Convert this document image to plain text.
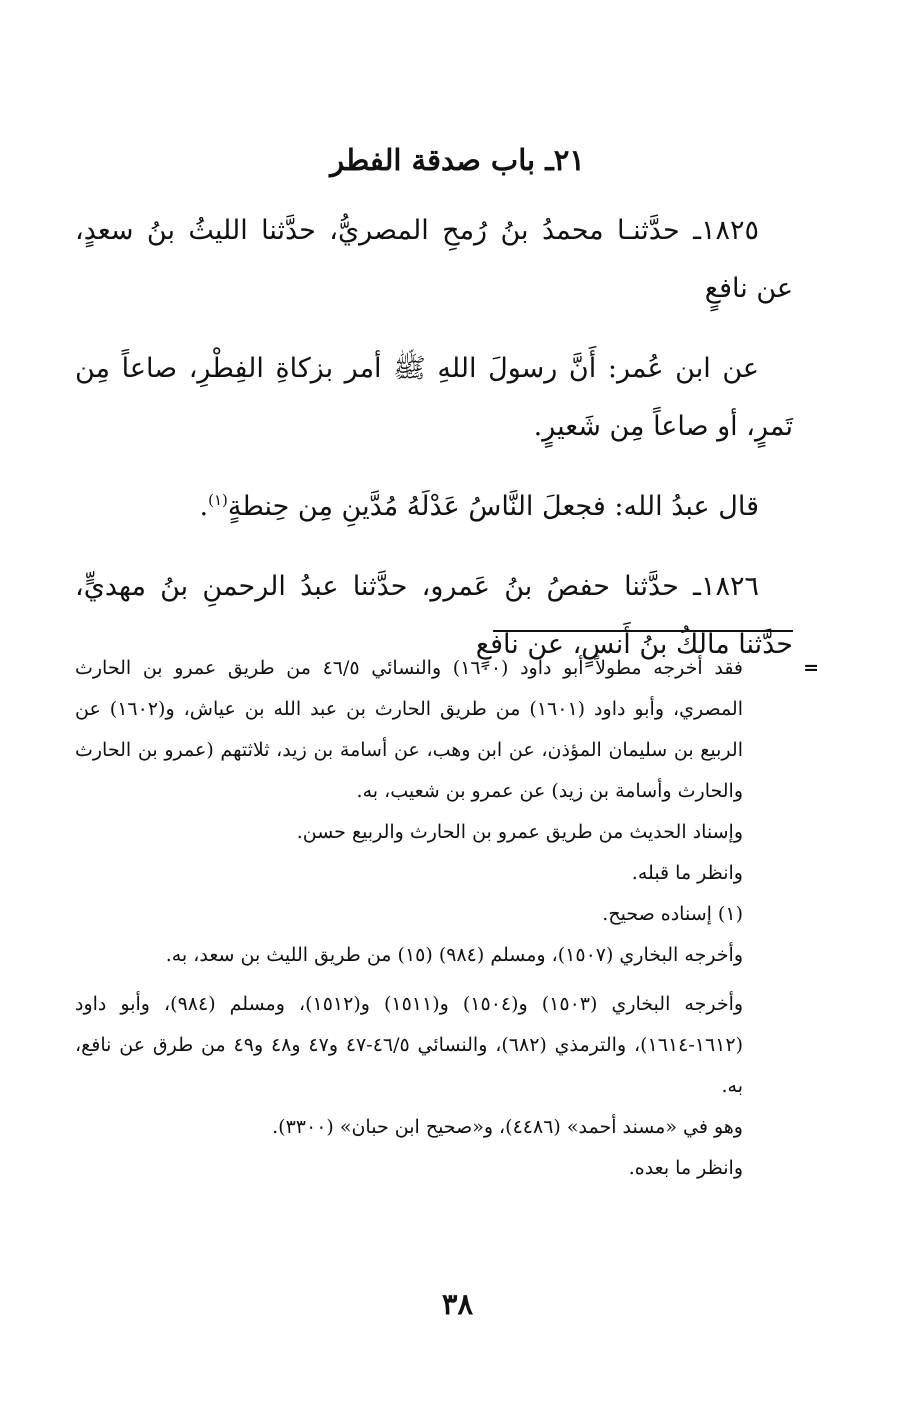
٢١ـ باب صدقة الفطر

١٨٢٥ـ حدَّثنـا محمدُ بنُ رُمحِ المصريُّ، حدَّثنا الليثُ بنُ سعدٍ، عن نافعٍ

عن ابن عُمر: أَنَّ رسولَ اللهِ ﷺ أمر بزكاةِ الفِطْرِ، صاعاً مِن تَمرٍ، أو صاعاً مِن شَعيرٍ.

قال عبدُ الله: فجعلَ النَّاسُ عَدْلَهُ مُدَّينِ مِن حِنطةٍ$^{(١)}$.

١٨٢٦ـ حدَّثنا حفصُ بنُ عَمرو، حدَّثنا عبدُ الرحمنِ بنُ مهديٍّ، حدَّثنا مالكُ بنُ أَنسٍ، عن نافعٍ

=

فقد أخرجه مطولاً أبو داود (١٦٠٠) والنسائي ٤٦/٥ من طريق عمرو بن الحارث المصري، وأبو داود (١٦٠١) من طريق الحارث بن عبد الله بن عياش، و(١٦٠٢) عن الربيع بن سليمان المؤذن، عن ابن وهب، عن أسامة بن زيد، ثلاثتهم (عمرو بن الحارث والحارث وأسامة بن زيد) عن عمرو بن شعيب، به.

وإسناد الحديث من طريق عمرو بن الحارث والربيع حسن.

وانظر ما قبله.

(١) إسناده صحيح.

وأخرجه البخاري (١٥٠٧)، ومسلم (٩٨٤) (١٥) من طريق الليث بن سعد، به.

وأخرجه البخاري (١٥٠٣) و(١٥٠٤) و(١٥١١) و(١٥١٢)، ومسلم (٩٨٤)، وأبو داود (١٦١٢-١٦١٤)، والترمذي (٦٨٢)، والنسائي ٤٦/٥-٤٧ و٤٧ و٤٨ و٤٩ من طرق عن نافع، به.

وهو في «مسند أحمد» (٤٤٨٦)، و«صحيح ابن حبان» (٣٣٠٠).

وانظر ما بعده.

٣٨
